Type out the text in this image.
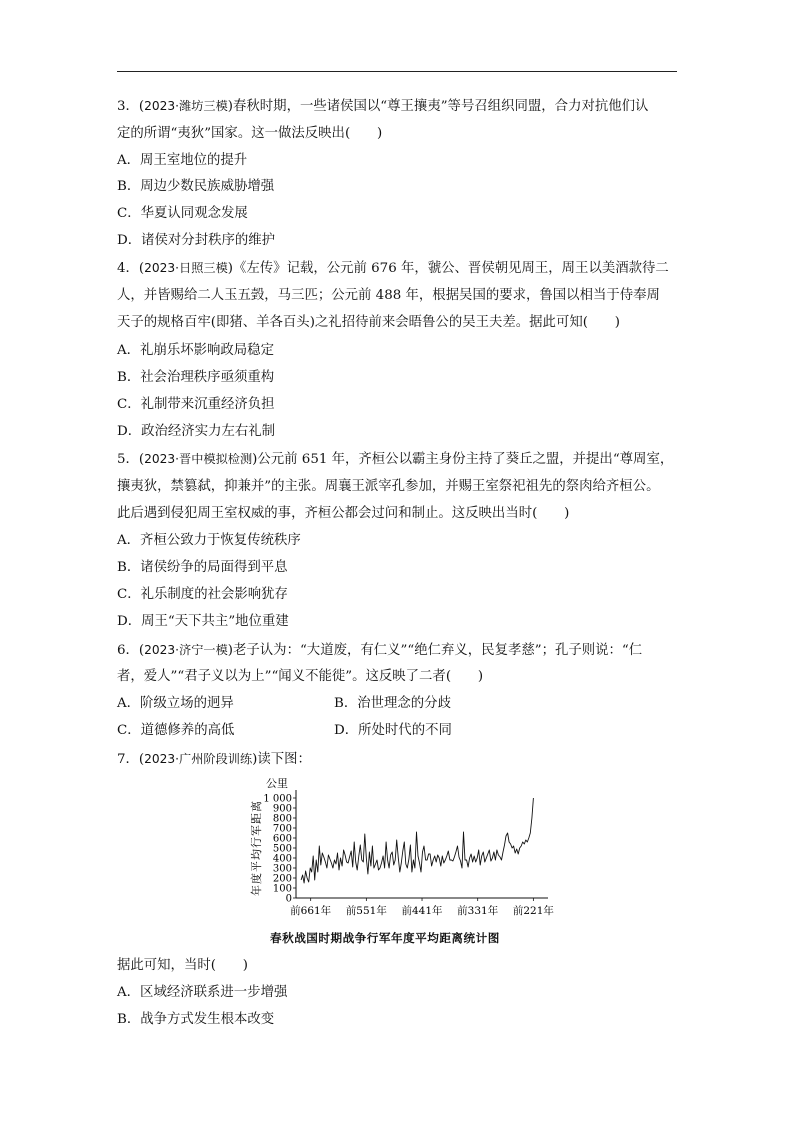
3．(2023·潍坊三模)春秋时期，一些诸侯国以“尊王攘夷”等号召组织同盟，合力对抗他们认
定的所谓“夷狄”国家。这一做法反映出(　　)
A．周王室地位的提升
B．周边少数民族威胁增强
C．华夏认同观念发展
D．诸侯对分封秩序的维护
4．(2023·日照三模)《左传》记载，公元前 676 年，虢公、晋侯朝见周王，周王以美酒款待二
人，并皆赐给二人玉五瑴，马三匹；公元前 488 年，根据吴国的要求，鲁国以相当于侍奉周
天子的规格百牢(即猪、羊各百头)之礼招待前来会晤鲁公的吴王夫差。据此可知(　　)
A．礼崩乐坏影响政局稳定
B．社会治理秩序亟须重构
C．礼制带来沉重经济负担
D．政治经济实力左右礼制
5．(2023·晋中模拟检测)公元前 651 年，齐桓公以霸主身份主持了葵丘之盟，并提出“尊周室，
攘夷狄，禁篡弑，抑兼并”的主张。周襄王派宰孔参加，并赐王室祭祀祖先的祭肉给齐桓公。
此后遇到侵犯周王室权威的事，齐桓公都会过问和制止。这反映出当时(　　)
A．齐桓公致力于恢复传统秩序
B．诸侯纷争的局面得到平息
C．礼乐制度的社会影响犹存
D．周王“天下共主”地位重建
6．(2023·济宁一模)老子认为：“大道废，有仁义”“绝仁弃义，民复孝慈”；孔子则说：“仁
者，爱人”“君子义以为上”“闻义不能徙”。这反映了二者(　　)
A．阶级立场的迥异	B．治世理念的分歧
C．道德修养的高低	D．所处时代的不同
7．(2023·广州阶段训练)读下图：
公里
年度平均行军距离
0
100
200
300
400
500
600
700
800
900
1 000
前661年 前551年 前441年 前331年 前221年
春秋战国时期战争行军年度平均距离统计图
据此可知，当时(　　)
A．区域经济联系进一步增强
B．战争方式发生根本改变
